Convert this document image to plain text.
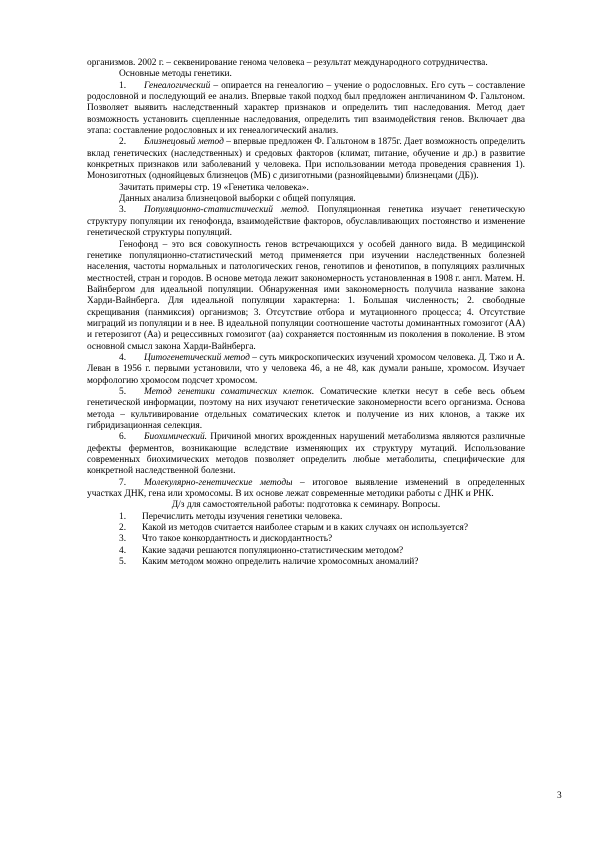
организмов. 2002 г. – секвенирование генома человека – результат международного сотрудничества.

Основные методы генетики.

1. Генеалогический – опирается на генеалогию – учение о родословных. Его суть – составление родословной и последующий ее анализ. Впервые такой подход был предложен англичанином Ф. Гальтоном. Позволяет выявить наследственный характер признаков и определить тип наследования. Метод дает возможность установить сцепленные наследования, определить тип взаимодействия генов. Включает два этапа: составление родословных и их генеалогический анализ.

2. Близнецовый метод – впервые предложен Ф. Гальтоном в 1875г. Дает возможность определить вклад генетических (наследственных) и средовых факторов (климат, питание, обучение и др.) в развитие конкретных признаков или заболеваний у человека. При использовании метода проведения сравнения 1). Монозиготных (однояйцевых близнецов (МБ) с дизиготными (разнояйцевыми) близнецами (ДБ)).

Зачитать примеры стр. 19 «Генетика человека».

Данных анализа близнецовой выборки с общей популяция.

3. Популяционно-статистический метод. Популяционная генетика изучает генетическую структуру популяции их генофонда, взаимодействие факторов, обуславливающих постоянство и изменение генетической структуры популяций.

Генофонд – это вся совокупность генов встречающихся у особей данного вида. В медицинской генетике популяционно-статистический метод применяется при изучении наследственных болезней населения, частоты нормальных и патологических генов, генотипов и фенотипов, в популяциях различных местностей, стран и городов. В основе метода лежит закономерность установленная в 1908 г. англ. Матем. Н. Вайнбергом для идеальной популяции. Обнаруженная ими закономерность получила название закона Харди-Вайнберга. Для идеальной популяции характерна: 1. Большая численность; 2. свободные скрещивания (панмиксия) организмов; 3. Отсутствие отбора и мутационного процесса; 4. Отсутствие миграций из популяции и в нее. В идеальной популяции соотношение частоты доминантных гомозигот (АА) и гетерозигот (Аа) и рецессивных гомозигот (аа) сохраняется постоянным из поколения в поколение. В этом основной смысл закона Харди-Вайнберга.

4. Цитогенетический метод – суть микроскопических изучений хромосом человека. Д. Тжо и А. Леван в 1956 г. первыми установили, что у человека 46, а не 48, как думали раньше, хромосом. Изучает морфологию хромосом подсчет хромосом.

5. Метод генетики соматических клеток. Соматические клетки несут в себе весь объем генетической информации, поэтому на них изучают генетические закономерности всего организма. Основа метода – культивирование отдельных соматических клеток и получение из них клонов, а также их гибридизационная селекция.

6. Биохимический. Причиной многих врожденных нарушений метаболизма являются различные дефекты ферментов, возникающие вследствие изменяющих их структуру мутаций. Использование современных биохимических методов позволяет определить любые метаболиты, специфические для конкретной наследственной болезни.

7. Молекулярно-генетические методы – итоговое выявление изменений в определенных участках ДНК, гена или хромосомы. В их основе лежат современные методики работы с ДНК и РНК.

Д/з для самостоятельной работы: подготовка к семинару. Вопросы.

1. Перечислить методы изучения генетики человека.

2. Какой из методов считается наиболее старым и в каких случаях он используется?

3. Что такое конкордантность и дискордантность?

4. Какие задачи решаются популяционно-статистическим методом?

5. Каким методом можно определить наличие хромосомных аномалий?

3
